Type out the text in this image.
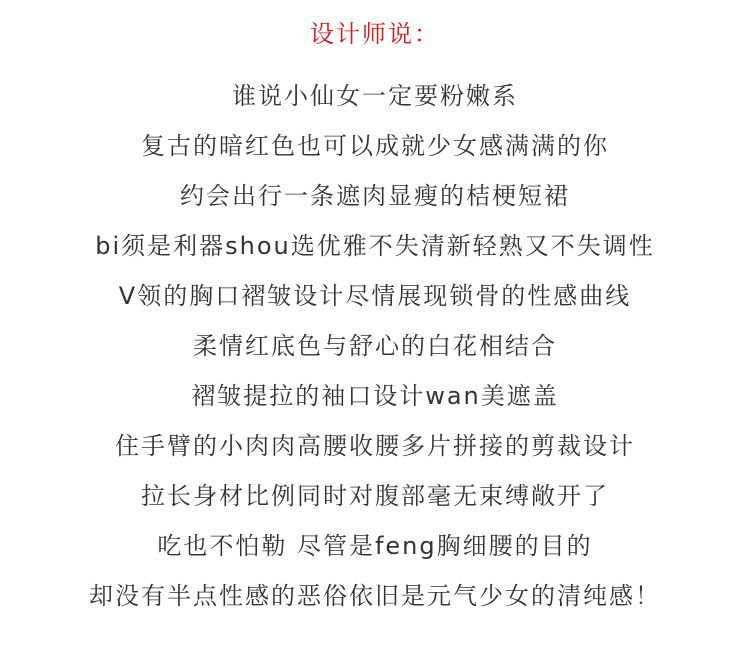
设计师说：
谁说小仙女一定要粉嫩系
复古的暗红色也可以成就少女感满满的你
约会出行一条遮肉显瘦的桔梗短裙
bi须是利器shou选优雅不失清新轻熟又不失调性
V领的胸口褶皱设计尽情展现锁骨的性感曲线
柔情红底色与舒心的白花相结合
褶皱提拉的袖口设计wan美遮盖
住手臂的小肉肉高腰收腰多片拼接的剪裁设计
拉长身材比例同时对腹部毫无束缚敞开了
吃也不怕勒 尽管是feng胸细腰的目的
却没有半点性感的恶俗依旧是元气少女的清纯感！
